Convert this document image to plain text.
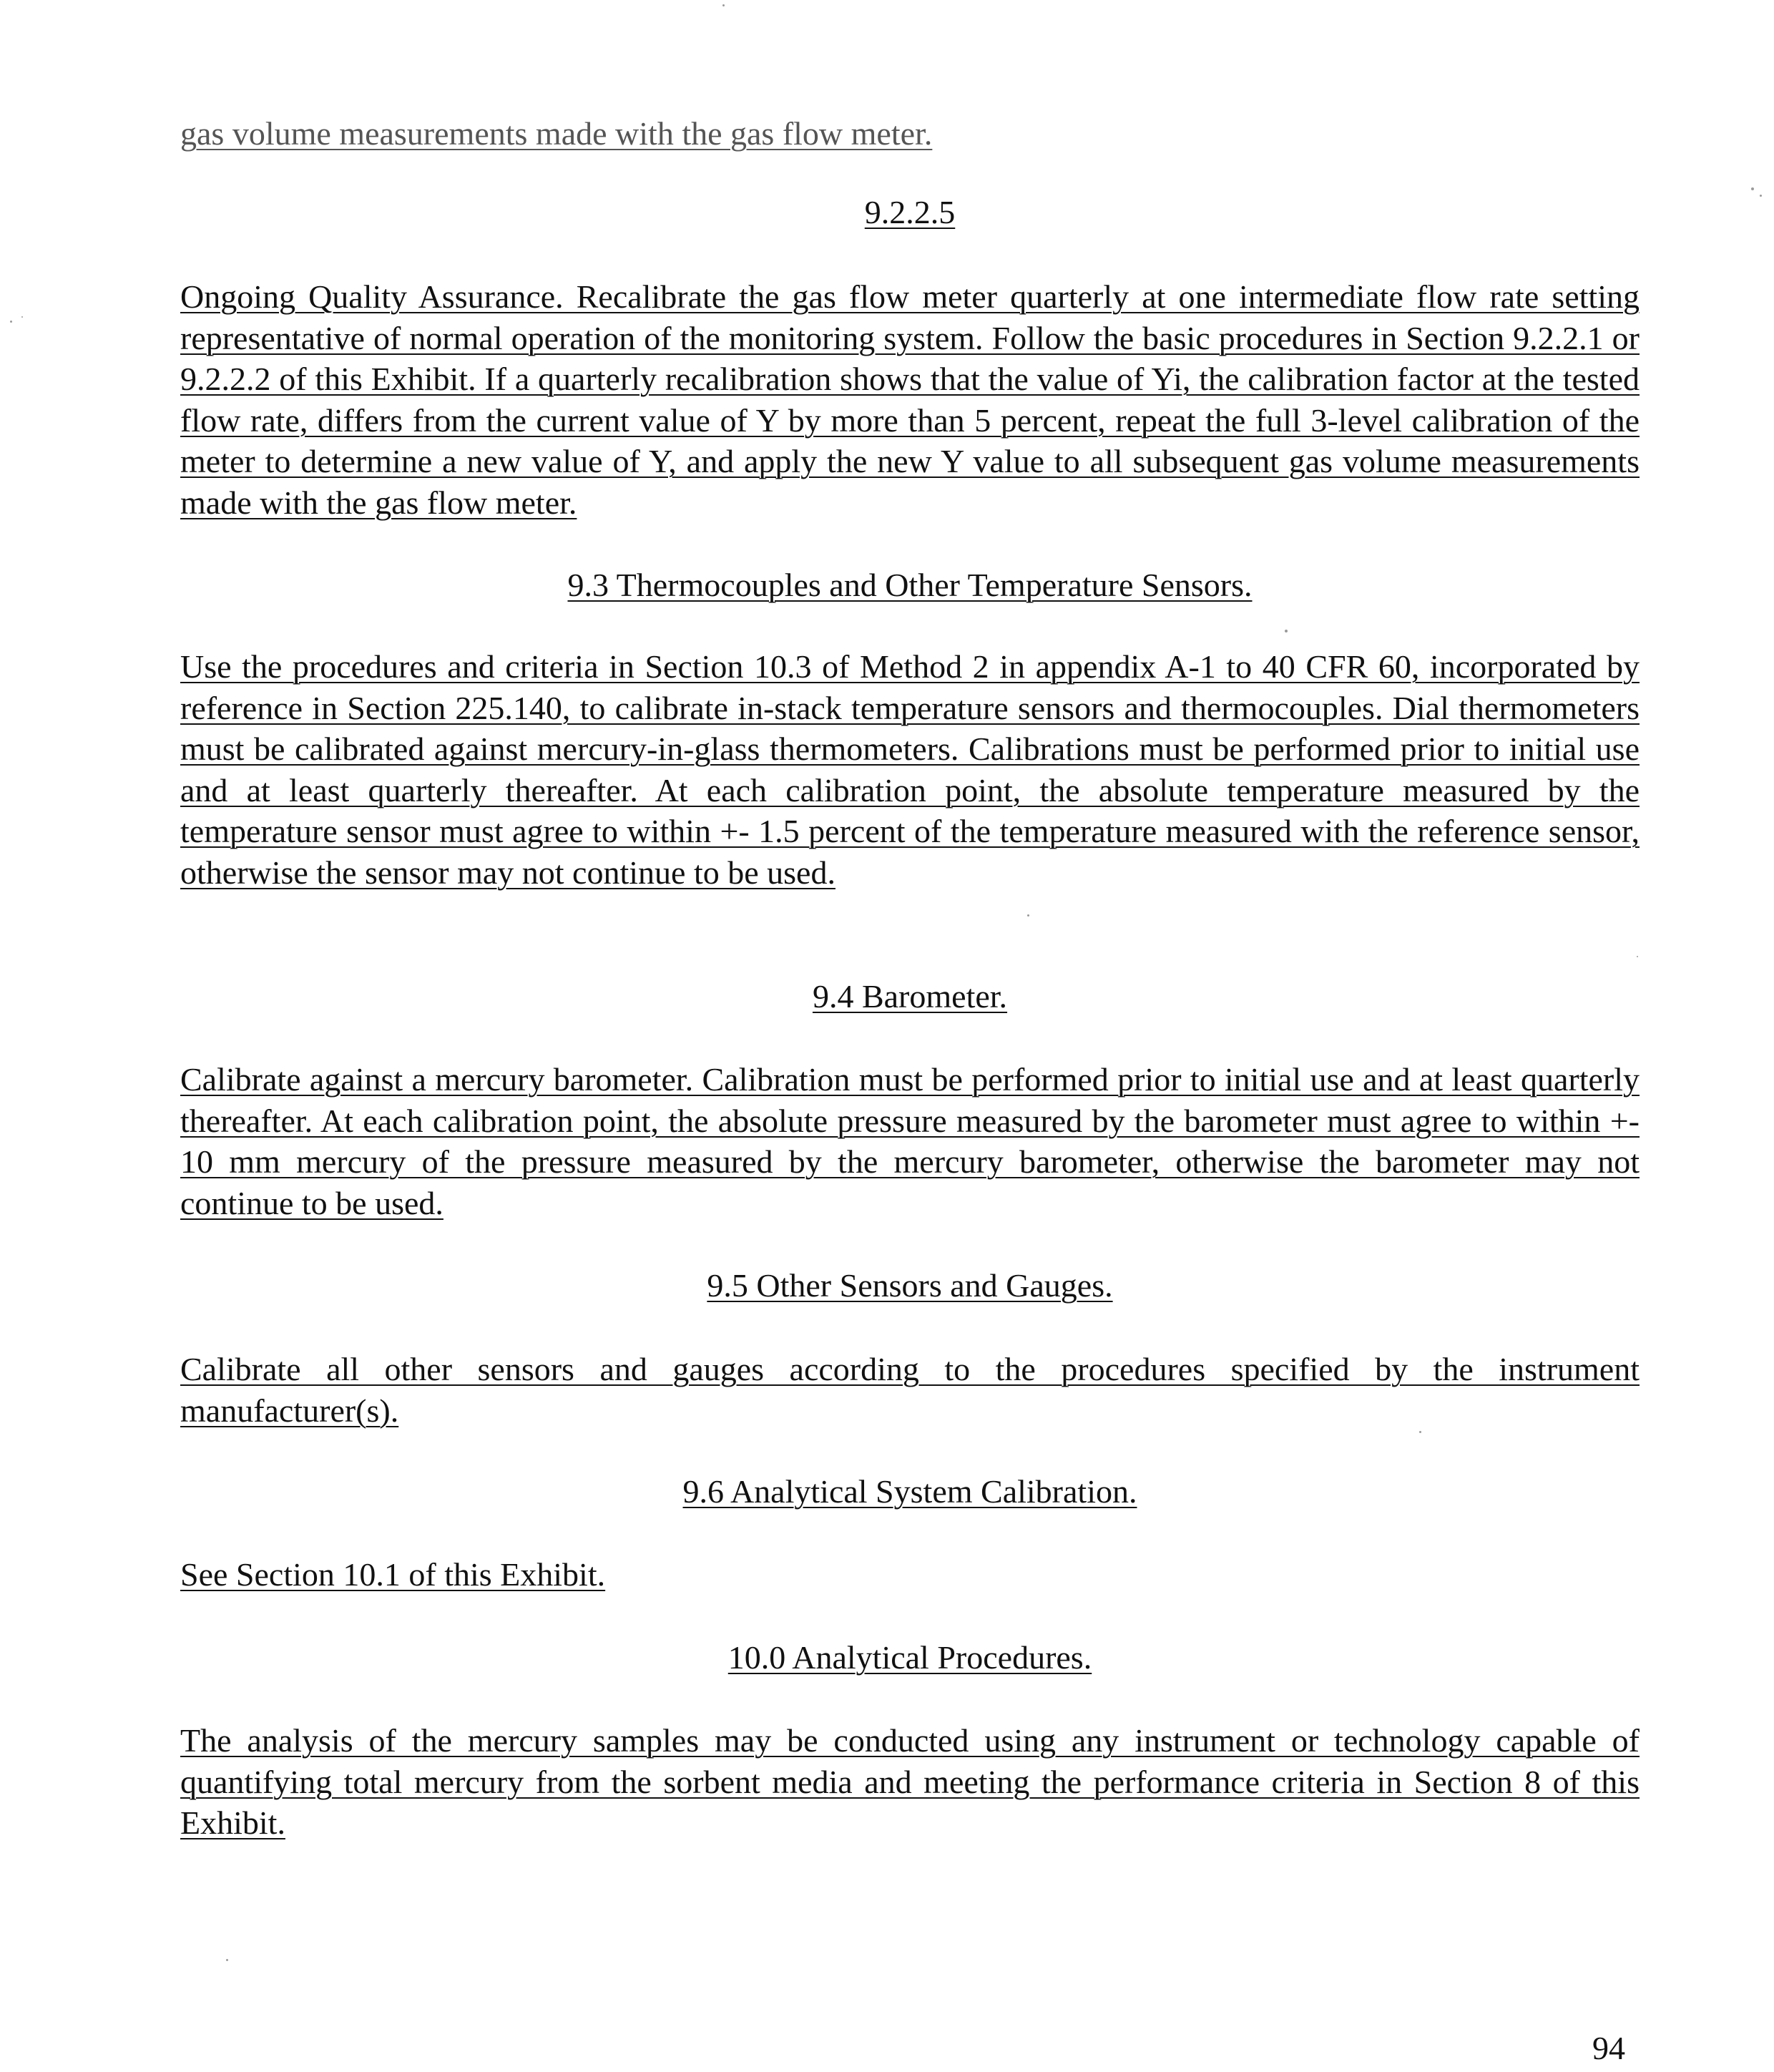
gas volume measurements made with the gas flow meter.

9.2.2.5

Ongoing Quality Assurance. Recalibrate the gas flow meter quarterly at one intermediate flow rate setting representative of normal operation of the monitoring system. Follow the basic procedures in Section 9.2.2.1 or 9.2.2.2 of this Exhibit. If a quarterly recalibration shows that the value of Yi, the calibration factor at the tested flow rate, differs from the current value of Y by more than 5 percent, repeat the full 3-level calibration of the meter to determine a new value of Y, and apply the new Y value to all subsequent gas volume measurements made with the gas flow meter.

9.3 Thermocouples and Other Temperature Sensors.

Use the procedures and criteria in Section 10.3 of Method 2 in appendix A-1 to 40 CFR 60, incorporated by reference in Section 225.140, to calibrate in-stack temperature sensors and thermocouples. Dial thermometers must be calibrated against mercury-in-glass thermometers. Calibrations must be performed prior to initial use and at least quarterly thereafter. At each calibration point, the absolute temperature measured by the temperature sensor must agree to within +- 1.5 percent of the temperature measured with the reference sensor, otherwise the sensor may not continue to be used.

9.4 Barometer.

Calibrate against a mercury barometer. Calibration must be performed prior to initial use and at least quarterly thereafter. At each calibration point, the absolute pressure measured by the barometer must agree to within +- 10 mm mercury of the pressure measured by the mercury barometer, otherwise the barometer may not continue to be used.

9.5 Other Sensors and Gauges.

Calibrate all other sensors and gauges according to the procedures specified by the instrument manufacturer(s).

9.6 Analytical System Calibration.

See Section 10.1 of this Exhibit.

10.0 Analytical Procedures.

The analysis of the mercury samples may be conducted using any instrument or technology capable of quantifying total mercury from the sorbent media and meeting the performance criteria in Section 8 of this Exhibit.

94
